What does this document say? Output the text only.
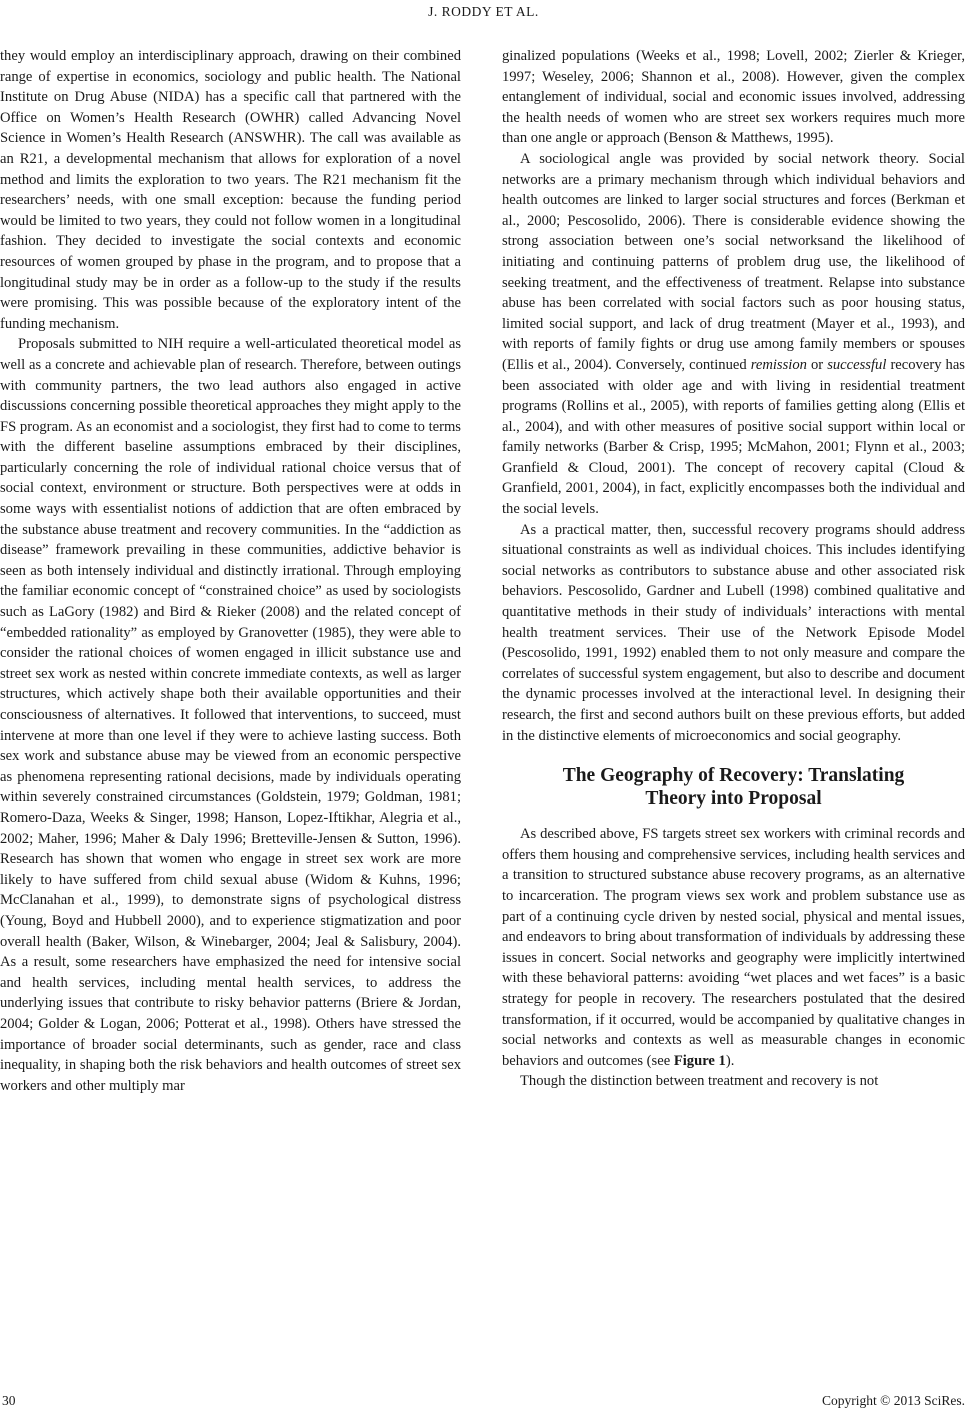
J. RODDY ET AL.

they would employ an interdisciplinary approach, drawing on their combined range of expertise in economics, sociology and public health. The National Institute on Drug Abuse (NIDA) has a specific call that partnered with the Office on Women’s Health Research (OWHR) called Advancing Novel Science in Women’s Health Research (ANSWHR). The call was available as an R21, a developmental mechanism that allows for exploration of a novel method and limits the exploration to two years. The R21 mechanism fit the researchers’ needs, with one small exception: because the funding period would be limited to two years, they could not follow women in a longitudinal fashion. They decided to investigate the social contexts and economic resources of women grouped by phase in the program, and to propose that a longitudinal study may be in order as a follow-up to the study if the results were promising. This was possible because of the exploratory intent of the funding mechanism.

Proposals submitted to NIH require a well-articulated theoretical model as well as a concrete and achievable plan of research. Therefore, between outings with community partners, the two lead authors also engaged in active discussions concerning possible theoretical approaches they might apply to the FS program. As an economist and a sociologist, they first had to come to terms with the different baseline assumptions embraced by their disciplines, particularly concerning the role of individual rational choice versus that of social context, environment or structure. Both perspectives were at odds in some ways with essentialist notions of addiction that are often embraced by the substance abuse treatment and recovery communities. In the “addiction as disease” framework prevailing in these communities, addictive behavior is seen as both intensely individual and distinctly irrational. Through employing the familiar economic concept of “constrained choice” as used by sociologists such as LaGory (1982) and Bird & Rieker (2008) and the related concept of “embedded rationality” as employed by Granovetter (1985), they were able to consider the rational choices of women engaged in illicit substance use and street sex work as nested within concrete immediate contexts, as well as larger structures, which actively shape both their available opportunities and their consciousness of alternatives. It followed that interventions, to succeed, must intervene at more than one level if they were to achieve lasting success. Both sex work and substance abuse may be viewed from an economic perspective as phenomena representing rational decisions, made by individuals operating within severely constrained circumstances (Goldstein, 1979; Goldman, 1981; Romero-Daza, Weeks & Singer, 1998; Hanson, Lopez-Iftikhar, Alegria et al., 2002; Maher, 1996; Maher & Daly 1996; Bretteville-Jensen & Sutton, 1996). Research has shown that women who engage in street sex work are more likely to have suffered from child sexual abuse (Widom & Kuhns, 1996; McClanahan et al., 1999), to demonstrate signs of psychological distress (Young, Boyd and Hubbell 2000), and to experience stigmatization and poor overall health (Baker, Wilson, & Winebarger, 2004; Jeal & Salisbury, 2004). As a result, some researchers have emphasized the need for intensive social and health services, including mental health services, to address the underlying issues that contribute to risky behavior patterns (Briere & Jordan, 2004; Golder & Logan, 2006; Potterat et al., 1998). Others have stressed the importance of broader social determinants, such as gender, race and class inequality, in shaping both the risk behaviors and health outcomes of street sex workers and other multiply mar

ginalized populations (Weeks et al., 1998; Lovell, 2002; Zierler & Krieger, 1997; Weseley, 2006; Shannon et al., 2008). However, given the complex entanglement of individual, social and economic issues involved, addressing the health needs of women who are street sex workers requires much more than one angle or approach (Benson & Matthews, 1995).

A sociological angle was provided by social network theory. Social networks are a primary mechanism through which individual behaviors and health outcomes are linked to larger social structures and forces (Berkman et al., 2000; Pescosolido, 2006). There is considerable evidence showing the strong association between one’s social networksand the likelihood of initiating and continuing patterns of problem drug use, the likelihood of seeking treatment, and the effectiveness of treatment. Relapse into substance abuse has been correlated with social factors such as poor housing status, limited social support, and lack of drug treatment (Mayer et al., 1993), and with reports of family fights or drug use among family members or spouses (Ellis et al., 2004). Conversely, continued remission or successful recovery has been associated with older age and with living in residential treatment programs (Rollins et al., 2005), with reports of families getting along (Ellis et al., 2004), and with other measures of positive social support within local or family networks (Barber & Crisp, 1995; McMahon, 2001; Flynn et al., 2003; Granfield & Cloud, 2001). The concept of recovery capital (Cloud & Granfield, 2001, 2004), in fact, explicitly encompasses both the individual and the social levels.

As a practical matter, then, successful recovery programs should address situational constraints as well as individual choices. This includes identifying social networks as contributors to substance abuse and other associated risk behaviors. Pescosolido, Gardner and Lubell (1998) combined qualitative and quantitative methods in their study of individuals’ interactions with mental health treatment services. Their use of the Network Episode Model (Pescosolido, 1991, 1992) enabled them to not only measure and compare the correlates of successful system engagement, but also to describe and document the dynamic processes involved at the interactional level. In designing their research, the first and second authors built on these previous efforts, but added in the distinctive elements of microeconomics and social geography.

The Geography of Recovery: Translating
Theory into Proposal

As described above, FS targets street sex workers with criminal records and offers them housing and comprehensive services, including health services and a transition to structured substance abuse recovery programs, as an alternative to incarceration. The program views sex work and problem substance use as part of a continuing cycle driven by nested social, physical and mental issues, and endeavors to bring about transformation of individuals by addressing these issues in concert. Social networks and geography were implicitly intertwined with these behavioral patterns: avoiding “wet places and wet faces” is a basic strategy for people in recovery. The researchers postulated that the desired transformation, if it occurred, would be accompanied by qualitative changes in social networks and contexts as well as measurable changes in economic behaviors and outcomes (see Figure 1).

Though the distinction between treatment and recovery is not

30	Copyright © 2013 SciRes.
